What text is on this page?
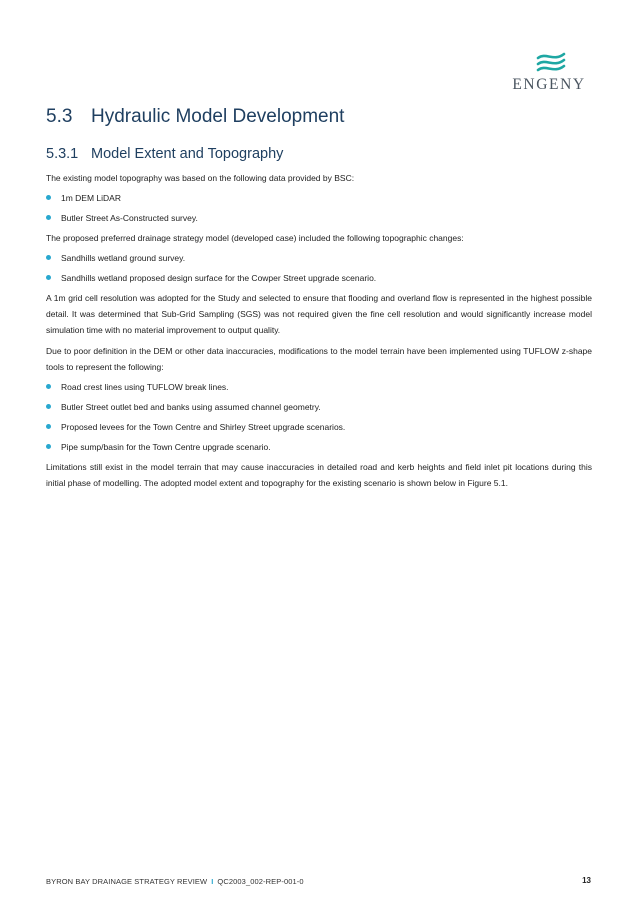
ENGENY
5.3 Hydraulic Model Development
5.3.1 Model Extent and Topography

The existing model topography was based on the following data provided by BSC:

1m DEM LiDAR

Butler Street As-Constructed survey.

The proposed preferred drainage strategy model (developed case) included the following topographic changes:

Sandhills wetland ground survey.

Sandhills wetland proposed design surface for the Cowper Street upgrade scenario.

A 1m grid cell resolution was adopted for the Study and selected to ensure that flooding and overland flow is represented in the highest possible detail. It was determined that Sub-Grid Sampling (SGS) was not required given the fine cell resolution and would significantly increase model simulation time with no material improvement to output quality.

Due to poor definition in the DEM or other data inaccuracies, modifications to the model terrain have been implemented using TUFLOW z-shape tools to represent the following:

Road crest lines using TUFLOW break lines.

Butler Street outlet bed and banks using assumed channel geometry.

Proposed levees for the Town Centre and Shirley Street upgrade scenarios.

Pipe sump/basin for the Town Centre upgrade scenario.

Limitations still exist in the model terrain that may cause inaccuracies in detailed road and kerb heights and field inlet pit locations during this initial phase of modelling. The adopted model extent and topography for the existing scenario is shown below in Figure 5.1.

BYRON BAY DRAINAGE STRATEGY REVIEW I QC2003_002-REP-001-0	13
